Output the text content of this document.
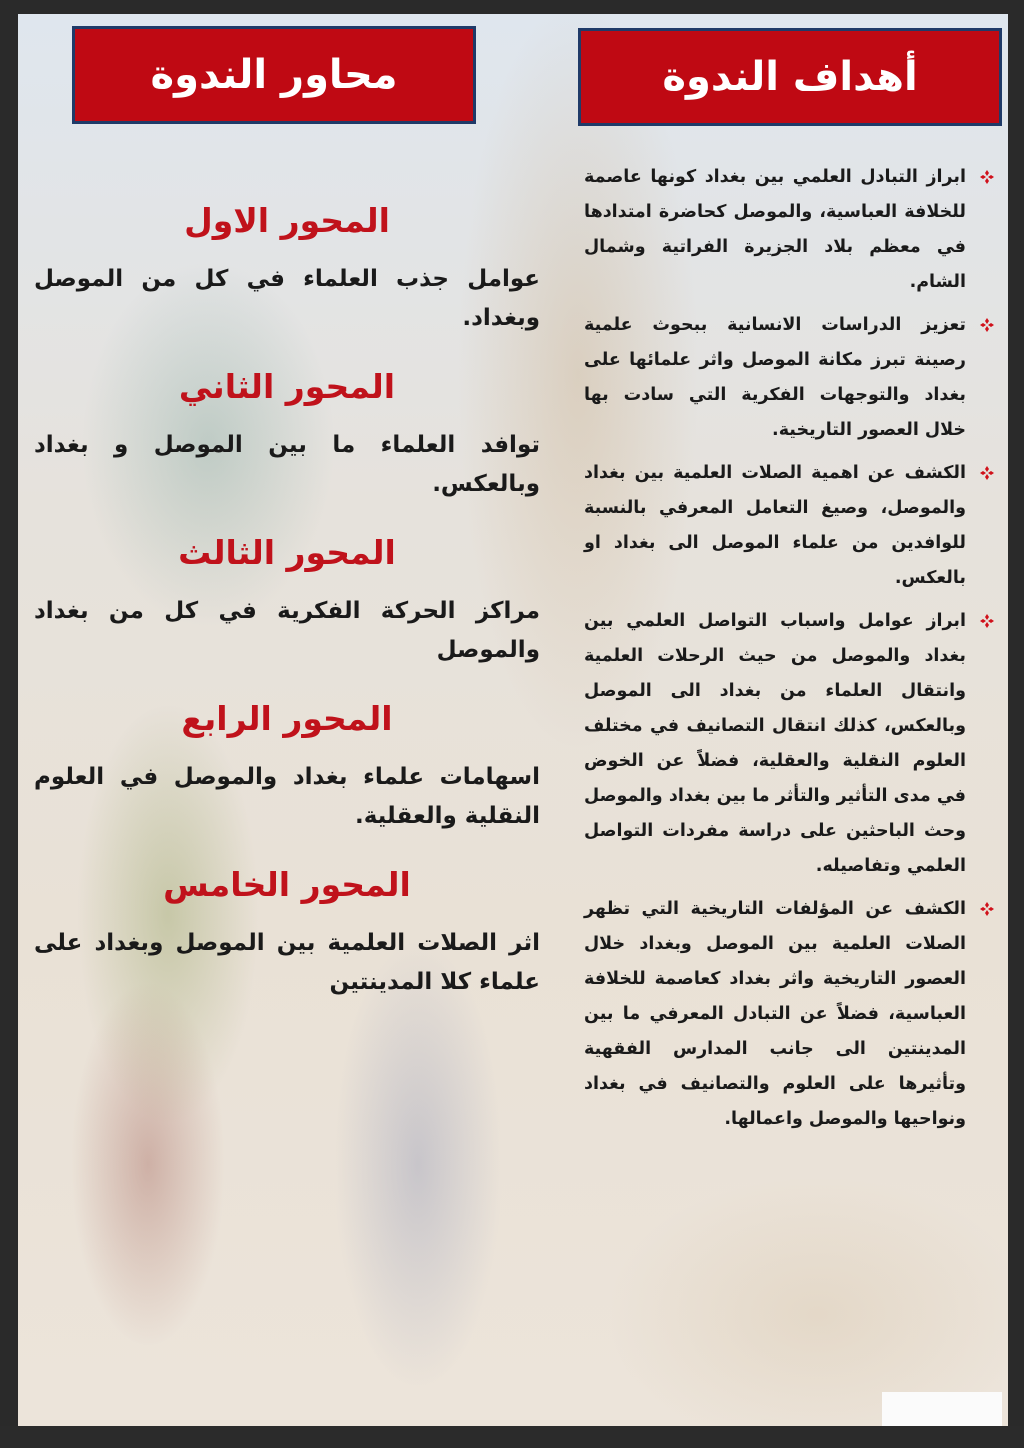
أهداف الندوة
محاور الندوة
ابراز التبادل العلمي بين بغداد كونها عاصمة للخلافة العباسية، والموصل كحاضرة امتدادها في معظم بلاد الجزيرة الفراتية وشمال الشام.
تعزيز الدراسات الانسانية ببحوث علمية رصينة تبرز مكانة الموصل واثر علمائها على بغداد والتوجهات الفكرية التي سادت بها خلال العصور التاريخية.
الكشف عن اهمية الصلات العلمية بين بغداد والموصل، وصيغ التعامل المعرفي بالنسبة للوافدين من علماء الموصل الى بغداد او بالعكس.
ابراز عوامل واسباب التواصل العلمي بين بغداد والموصل من حيث الرحلات العلمية وانتقال العلماء من بغداد الى الموصل وبالعكس، كذلك انتقال التصانيف في مختلف العلوم النقلية والعقلية، فضلاً عن الخوض في مدى التأثير والتأثر ما بين بغداد والموصل وحث الباحثين على دراسة مفردات التواصل العلمي وتفاصيله.
الكشف عن المؤلفات التاريخية التي تظهر الصلات العلمية بين الموصل وبغداد خلال العصور التاريخية واثر بغداد كعاصمة للخلافة العباسية، فضلاً عن التبادل المعرفي ما بين المدينتين الى جانب المدارس الفقهية وتأثيرها على العلوم والتصانيف في بغداد ونواحيها والموصل واعمالها.
المحور الاول
عوامل جذب العلماء في كل من الموصل وبغداد.
المحور الثاني
توافد العلماء ما بين الموصل و بغداد وبالعكس.
المحور الثالث
مراكز الحركة الفكرية في كل من بغداد والموصل
المحور الرابع
اسهامات علماء بغداد والموصل في العلوم النقلية والعقلية.
المحور الخامس
اثر الصلات العلمية بين الموصل وبغداد على علماء كلا المدينتين
